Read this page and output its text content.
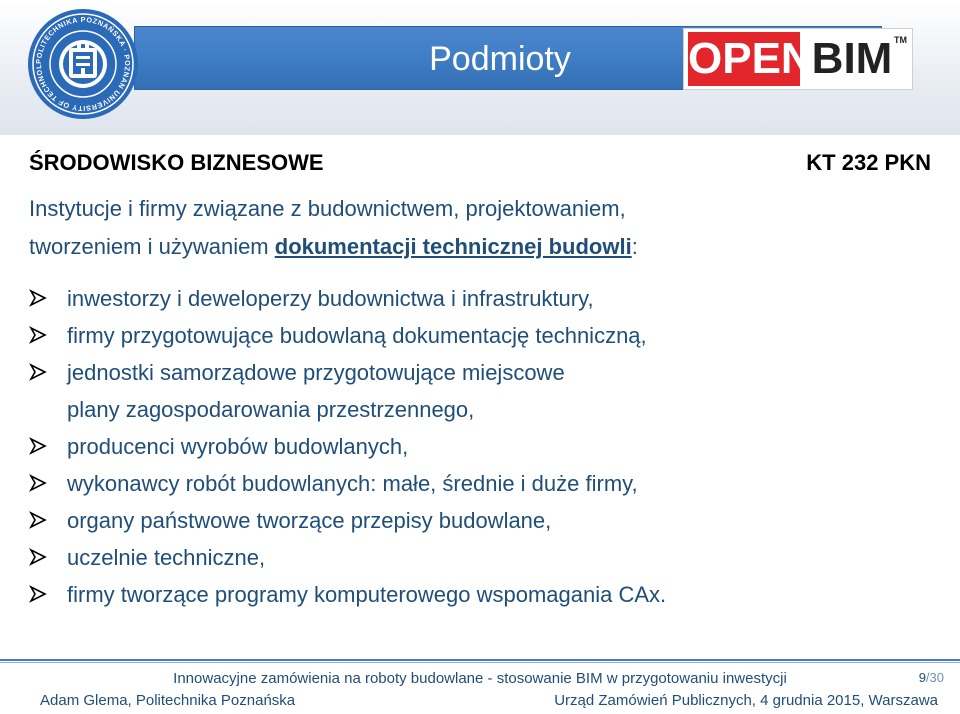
Podmioty
POLITECHNIKA POZNAŃSKA · POZNAN UNIVERSITY OF TECHNOL	OPEN
BIM TM
ŚRODOWISKO BIZNESOWE	KT 232 PKN
Instytucje i firmy związane z budownictwem, projektowaniem,
tworzeniem i używaniem dokumentacji technicznej budowli:
inwestorzy i deweloperzy budownictwa i infrastruktury,
firmy przygotowujące budowlaną dokumentację techniczną,
jednostki samorządowe przygotowujące miejscowe
plany zagospodarowania przestrzennego,
producenci wyrobów budowlanych,
wykonawcy robót budowlanych: małe, średnie i duże firmy,
organy państwowe tworzące przepisy budowlane,
uczelnie techniczne,
firmy tworzące programy komputerowego wspomagania CAx.
Innowacyjne zamówienia na roboty budowlane - stosowanie BIM w przygotowaniu inwestycji
Adam Glema, Politechnika Poznańska	Urząd Zamówień Publicznych, 4 grudnia 2015, Warszawa
9/30
